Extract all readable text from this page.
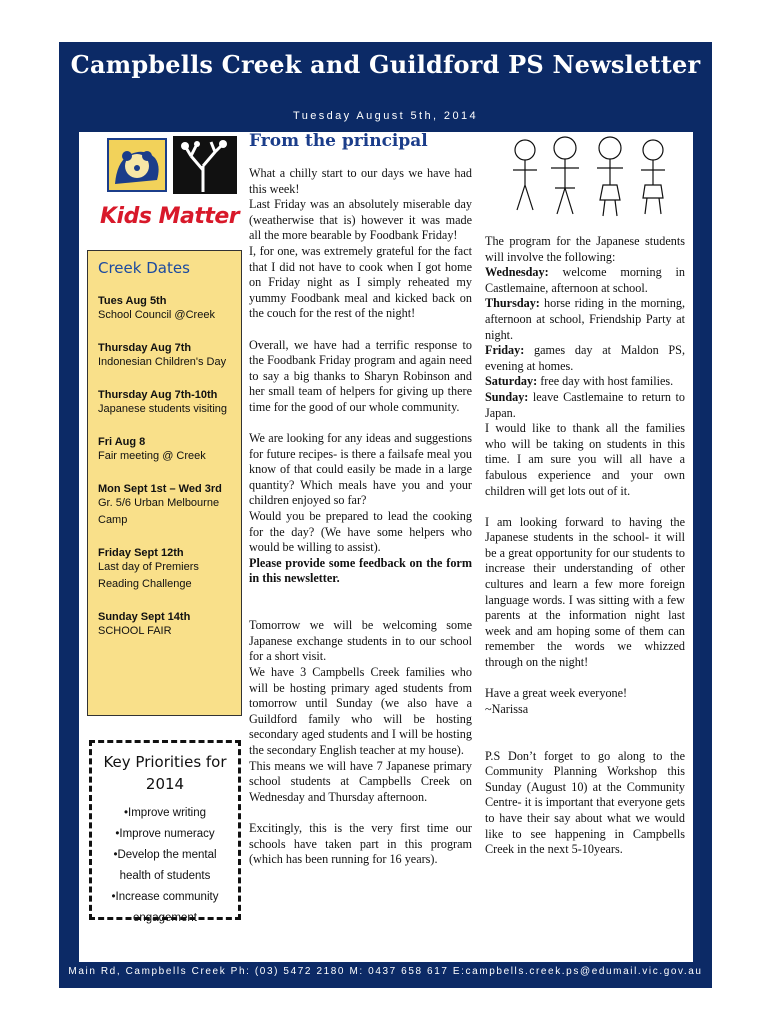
Campbells Creek and Guildford PS Newsletter
Tuesday August 5th, 2014
Kids Matter
Creek Dates
Tues Aug 5th
School Council @Creek
Thursday Aug 7th
Indonesian Children's Day
Thursday Aug 7th-10th
Japanese students visiting
Fri Aug 8
Fair meeting @ Creek
Mon Sept 1st – Wed 3rd
Gr. 5/6 Urban Melbourne Camp
Friday Sept 12th
Last day of Premiers Reading Challenge
Sunday Sept 14th
SCHOOL FAIR
Key Priorities for 2014
•Improve writing
•Improve numeracy
•Develop the mental health of students
•Increase community engagement
From the principal

What a chilly start to our days we have had this week!

Last Friday was an absolutely miserable day (weatherwise that is) however it was made all the more bearable by Foodbank Friday!

I, for one, was extremely grateful for the fact that I did not have to cook when I got home on Friday night as I simply reheated my yummy Foodbank meal and kicked back on the couch for the rest of the night!

Overall, we have had a terrific response to the Foodbank Friday program and again need to say a big thanks to Sharyn Robinson and her small team of helpers for giving up there time for the good of our whole community.

We are looking for any ideas and suggestions for future recipes- is there a failsafe meal you know of that could easily be made in a large quantity? Which meals have you and your children enjoyed so far?

Would you be prepared to lead the cooking for the day? (We have some helpers who would be willing to assist).

Please provide some feedback on the form in this newsletter.

Tomorrow we will be welcoming some Japanese exchange students in to our school for a short visit.

We have 3 Campbells Creek families who will be hosting primary aged students from tomorrow until Sunday (we also have a Guildford family who will be hosting secondary aged students and I will be hosting the secondary English teacher at my house).

This means we will have 7 Japanese primary school students at Campbells Creek on Wednesday and Thursday afternoon.

Excitingly, this is the very first time our schools have taken part in this program (which has been running for 16 years).

The program for the Japanese students will involve the following:

Wednesday: welcome morning in Castlemaine, afternoon at school.

Thursday: horse riding in the morning, afternoon at school, Friendship Party at night.

Friday: games day at Maldon PS, evening at homes.

Saturday: free day with host families.

Sunday: leave Castlemaine to return to Japan.

I would like to thank all the families who will be taking on students in this time. I am sure you will all have a fabulous experience and your own children will get lots out of it.

I am looking forward to having the Japanese students in the school- it will be a great opportunity for our students to increase their understanding of other cultures and learn a few more foreign language words. I was sitting with a few parents at the information night last week and am hoping some of them can remember the words we whizzed through on the night!

Have a great week everyone!

~Narissa

P.S Don’t forget to go along to the Community Planning Workshop this Sunday (August 10) at the Community Centre- it is important that everyone gets to have their say about what we would like to see happening in Campbells Creek in the next 5-10years.

Main Rd, Campbells Creek Ph: (03) 5472 2180 M: 0437 658 617 E:campbells.creek.ps@edumail.vic.gov.au
